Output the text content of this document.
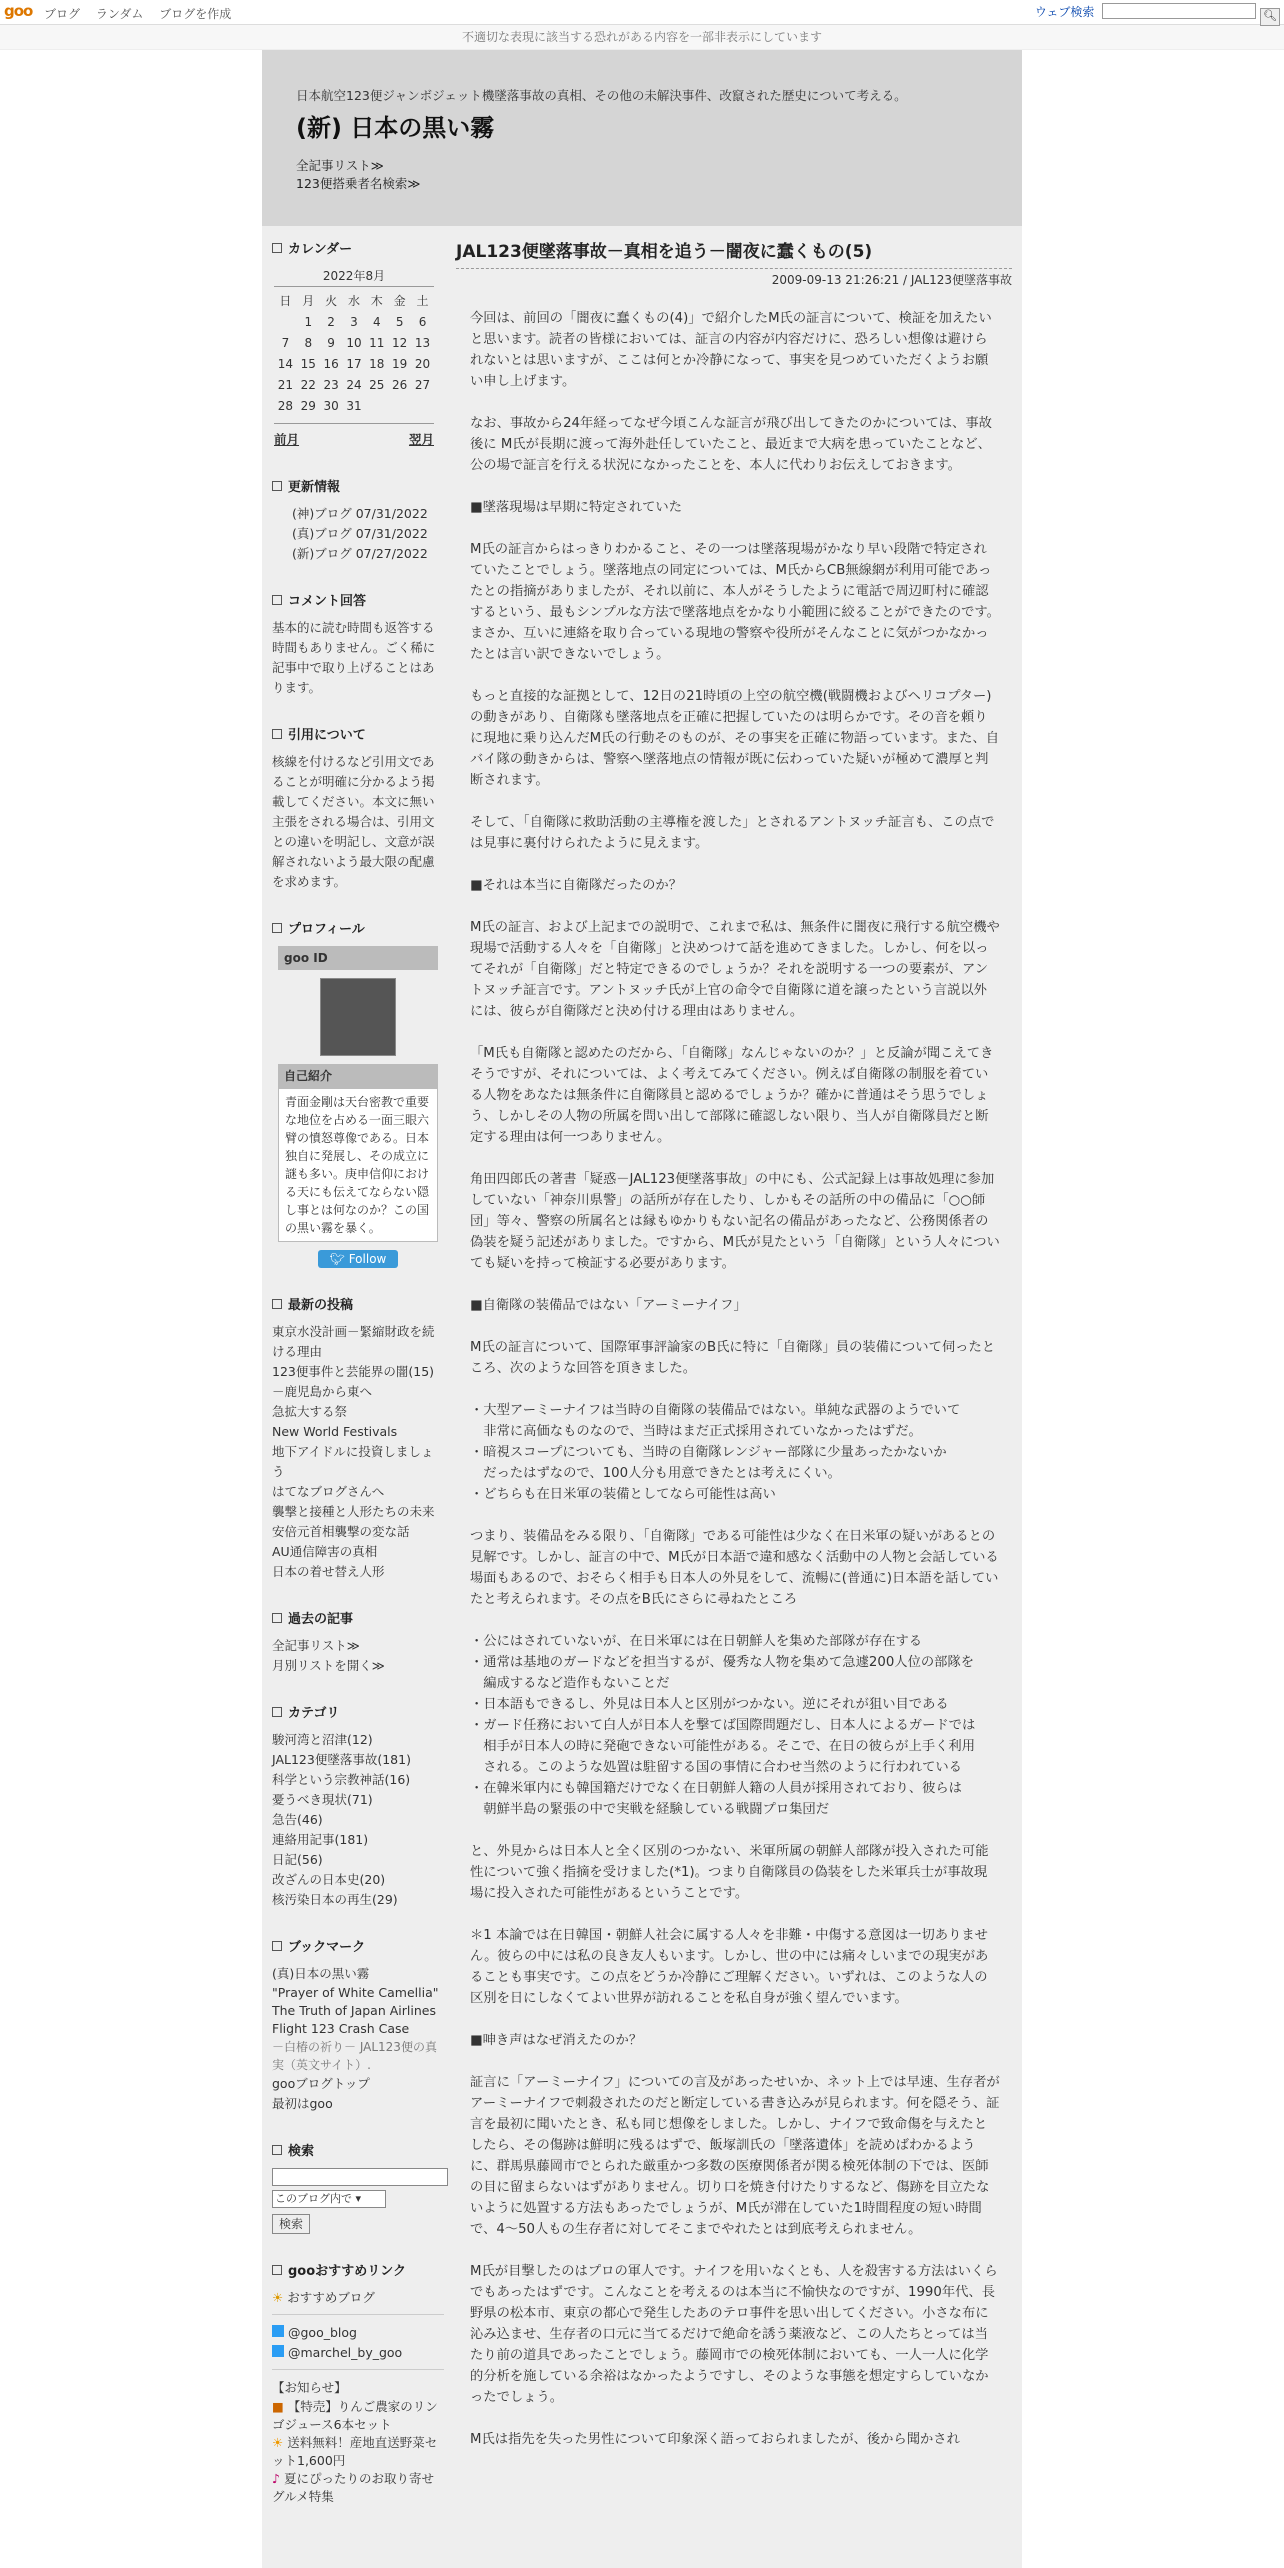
goo ブログ ランダム ブログを作成	ウェブ検索	🔍︎
不適切な表現に該当する恐れがある内容を一部非表示にしています
日本航空123便ジャンボジェット機墜落事故の真相、その他の未解決事件、改竄された歴史について考える。
(新) 日本の黒い霧
全記事リスト≫
123便搭乗者名検索≫
カレンダー
2022年8月
日	月	火	水	木	金	土
	1	2	3	4	5	6
7	8	9	10	11	12	13
14	15	16	17	18	19	20
21	22	23	24	25	26	27
28	29	30	31			
前月	翌月
更新情報
(神)ブログ 07/31/2022
(真)ブログ 07/31/2022
(新)ブログ 07/27/2022
コメント回答
基本的に読む時間も返答する時間もありません。ごく稀に記事中で取り上げることはあります。
引用について
核線を付けるなど引用文であることが明確に分かるよう掲載してください。本文に無い主張をされる場合は、引用文との違いを明記し、文意が誤解されないよう最大限の配慮を求めます。
プロフィール
goo ID
自己紹介
青面金剛は天台密教で重要な地位を占める一面三眼六臂の憤怒尊像である。日本独自に発展し、その成立に謎も多い。庚申信仰における天にも伝えてならない隠し事とは何なのか？この国の黒い霧を暴く。
🐦︎ Follow
最新の投稿
東京水没計画－緊縮財政を続ける理由
123便事件と芸能界の闇(15)－鹿児島から東へ
急拡大する祭
New World Festivals
地下アイドルに投資しましょう
はてなブログさんへ
襲撃と接種と人形たちの未来
安倍元首相襲撃の変な話
AU通信障害の真相
日本の着せ替え人形
過去の記事
全記事リスト≫
月別リストを開く≫
カテゴリ
駿河湾と沼津(12)
JAL123便墜落事故(181)
科学という宗教神話(16)
憂うべき現状(71)
急告(46)
連絡用記事(181)
日記(56)
改ざんの日本史(20)
核汚染日本の再生(29)
ブックマーク
(真)日本の黒い霧
"Prayer of White Camellia" The Truth of Japan Airlines Flight 123 Crash Case
－白椿の祈り－ JAL123便の真実（英文サイト）.
gooブログトップ
最初はgoo
検索
このブログ内で ▾
検索
gooおすすめリンク
☀︎ おすすめブログ
@goo_blog
@marchel_by_goo
【お知らせ】
■ 【特売】りんご農家のリンゴジュース6本セット
☀︎ 送料無料！産地直送野菜セット1,600円
♪ 夏にぴったりのお取り寄せグルメ特集
JAL123便墜落事故－真相を追う－闇夜に蠢くもの(5)
2009-09-13 21:26:21 / JAL123便墜落事故

今回は、前回の「闇夜に蠢くもの(4)」で紹介したM氏の証言について、検証を加えたいと思います。読者の皆様においては、証言の内容が内容だけに、恐ろしい想像は避けられないとは思いますが、ここは何とか冷静になって、事実を見つめていただくようお願い申し上げます。

なお、事故から24年経ってなぜ今頃こんな証言が飛び出してきたのかについては、事故後に M氏が長期に渡って海外赴任していたこと、最近まで大病を患っていたことなど、公の場で証言を行える状況になかったことを、本人に代わりお伝えしておきます。

■墜落現場は早期に特定されていた

M氏の証言からはっきりわかること、その一つは墜落現場がかなり早い段階で特定されていたことでしょう。墜落地点の同定については、M氏からCB無線網が利用可能であったとの指摘がありましたが、それ以前に、本人がそうしたように電話で周辺町村に確認するという、最もシンプルな方法で墜落地点をかなり小範囲に絞ることができたのです。まさか、互いに連絡を取り合っている現地の警察や役所がそんなことに気がつかなかったとは言い訳できないでしょう。

もっと直接的な証拠として、12日の21時頃の上空の航空機(戦闘機およびヘリコプター)の動きがあり、自衛隊も墜落地点を正確に把握していたのは明らかです。その音を頼りに現地に乗り込んだM氏の行動そのものが、その事実を正確に物語っています。また、自バイ隊の動きからは、警察へ墜落地点の情報が既に伝わっていた疑いが極めて濃厚と判断されます。

そして、「自衛隊に救助活動の主導権を渡した」とされるアントヌッチ証言も、この点では見事に裏付けられたように見えます。

■それは本当に自衛隊だったのか？

M氏の証言、および上記までの説明で、これまで私は、無条件に闇夜に飛行する航空機や現場で活動する人々を「自衛隊」と決めつけて話を進めてきました。しかし、何を以ってそれが「自衛隊」だと特定できるのでしょうか？それを説明する一つの要素が、アントヌッチ証言です。アントヌッチ氏が上官の命令で自衛隊に道を譲ったという言説以外には、彼らが自衛隊だと決め付ける理由はありません。

「M氏も自衛隊と認めたのだから、「自衛隊」なんじゃないのか？」と反論が聞こえてきそうですが、それについては、よく考えてみてください。例えば自衛隊の制服を着ている人物をあなたは無条件に自衛隊員と認めるでしょうか？確かに普通はそう思うでしょう、しかしその人物の所属を問い出して部隊に確認しない限り、当人が自衛隊員だと断定する理由は何一つありません。

角田四郎氏の著書「疑惑－JAL123便墜落事故」の中にも、公式記録上は事故処理に参加していない「神奈川県警」の話所が存在したり、しかもその話所の中の備品に「○○師団」等々、警察の所属名とは縁もゆかりもない記名の備品があったなど、公務関係者の偽装を疑う記述がありました。ですから、M氏が見たという「自衛隊」という人々についても疑いを持って検証する必要があります。

■自衛隊の装備品ではない「アーミーナイフ」

M氏の証言について、国際軍事評論家のB氏に特に「自衛隊」員の装備について伺ったところ、次のような回答を頂きました。

・大型アーミーナイフは当時の自衛隊の装備品ではない。単純な武器のようでいて
　非常に高価なものなので、当時はまだ正式採用されていなかったはずだ。
・暗視スコープについても、当時の自衛隊レンジャー部隊に少量あったかないか
　だったはずなので、100人分も用意できたとは考えにくい。
・どちらも在日米軍の装備としてなら可能性は高い

つまり、装備品をみる限り、「自衛隊」である可能性は少なく在日米軍の疑いがあるとの見解です。しかし、証言の中で、M氏が日本語で違和感なく活動中の人物と会話している場面もあるので、おそらく相手も日本人の外見をして、流暢に(普通に)日本語を話していたと考えられます。その点をB氏にさらに尋ねたところ

・公にはされていないが、在日米軍には在日朝鮮人を集めた部隊が存在する
・通常は基地のガードなどを担当するが、優秀な人物を集めて急遽200人位の部隊を
　編成するなど造作もないことだ
・日本語もできるし、外見は日本人と区別がつかない。逆にそれが狙い目である
・ガード任務において白人が日本人を撃てば国際問題だし、日本人によるガードでは
　相手が日本人の時に発砲できない可能性がある。そこで、在日の彼らが上手く利用
　される。このような処置は駐留する国の事情に合わせ当然のように行われている
・在韓米軍内にも韓国籍だけでなく在日朝鮮人籍の人員が採用されており、彼らは
　朝鮮半島の緊張の中で実戦を経験している戦闘プロ集団だ

と、外見からは日本人と全く区別のつかない、米軍所属の朝鮮人部隊が投入された可能性について強く指摘を受けました(*1)。つまり自衛隊員の偽装をした米軍兵士が事故現場に投入された可能性があるということです。

＊1 本論では在日韓国・朝鮮人社会に属する人々を非難・中傷する意図は一切ありません。彼らの中には私の良き友人もいます。しかし、世の中には痛々しいまでの現実があることも事実です。この点をどうか冷静にご理解ください。いずれは、このような人の区別を日にしなくてよい世界が訪れることを私自身が強く望んでいます。

■呻き声はなぜ消えたのか？

証言に「アーミーナイフ」についての言及があったせいか、ネット上では早速、生存者がアーミーナイフで刺殺されたのだと断定している書き込みが見られます。何を隠そう、証言を最初に聞いたとき、私も同じ想像をしました。しかし、ナイフで致命傷を与えたとしたら、その傷跡は鮮明に残るはずで、飯塚訓氏の「墜落遺体」を読めばわかるように、群馬県藤岡市でとられた厳重かつ多数の医療関係者が関る検死体制の下では、医師の目に留まらないはずがありません。切り口を焼き付けたりするなど、傷跡を目立たないように処置する方法もあったでしょうが、M氏が滞在していた1時間程度の短い時間で、4～50人もの生存者に対してそこまでやれたとは到底考えられません。

M氏が目撃したのはプロの軍人です。ナイフを用いなくとも、人を殺害する方法はいくらでもあったはずです。こんなことを考えるのは本当に不愉快なのですが、1990年代、長野県の松本市、東京の都心で発生したあのテロ事件を思い出してください。小さな布に沁み込ませ、生存者の口元に当てるだけで絶命を誘う薬液など、この人たちとっては当たり前の道具であったことでしょう。藤岡市での検死体制においても、一人一人に化学的分析を施している余裕はなかったようですし、そのような事態を想定すらしていなかったでしょう。

M氏は指先を失った男性について印象深く語っておられましたが、後から聞かされ
